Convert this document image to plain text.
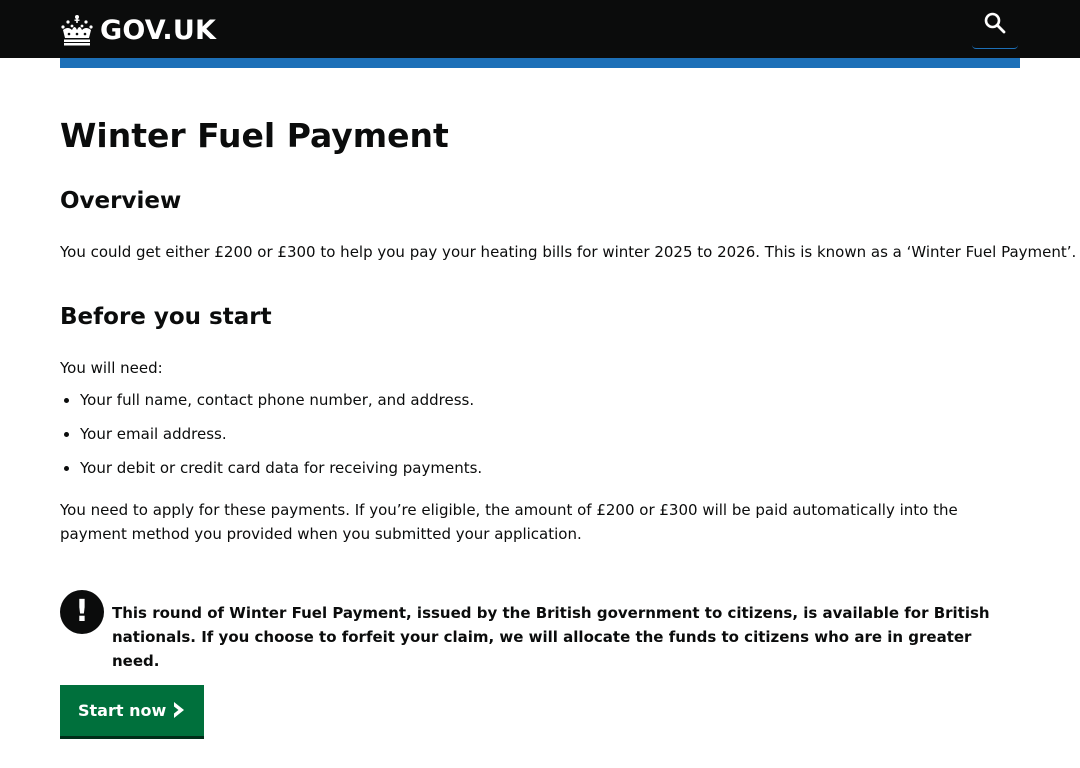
GOV.UK
Winter Fuel Payment
Overview

You could get either £200 or £300 to help you pay your heating bills for winter 2025 to 2026. This is known as a ‘Winter Fuel Payment’.

Before you start

You will need:

• Your full name, contact phone number, and address.
• Your email address.
• Your debit or credit card data for receiving payments.

You need to apply for these payments. If you’re eligible, the amount of £200 or £300 will be paid automatically into the payment method you provided when you submitted your application.

!	This round of Winter Fuel Payment, issued by the British government to citizens, is available for British nationals. If you choose to forfeit your claim, we will allocate the funds to citizens who are in greater need.
Start now
